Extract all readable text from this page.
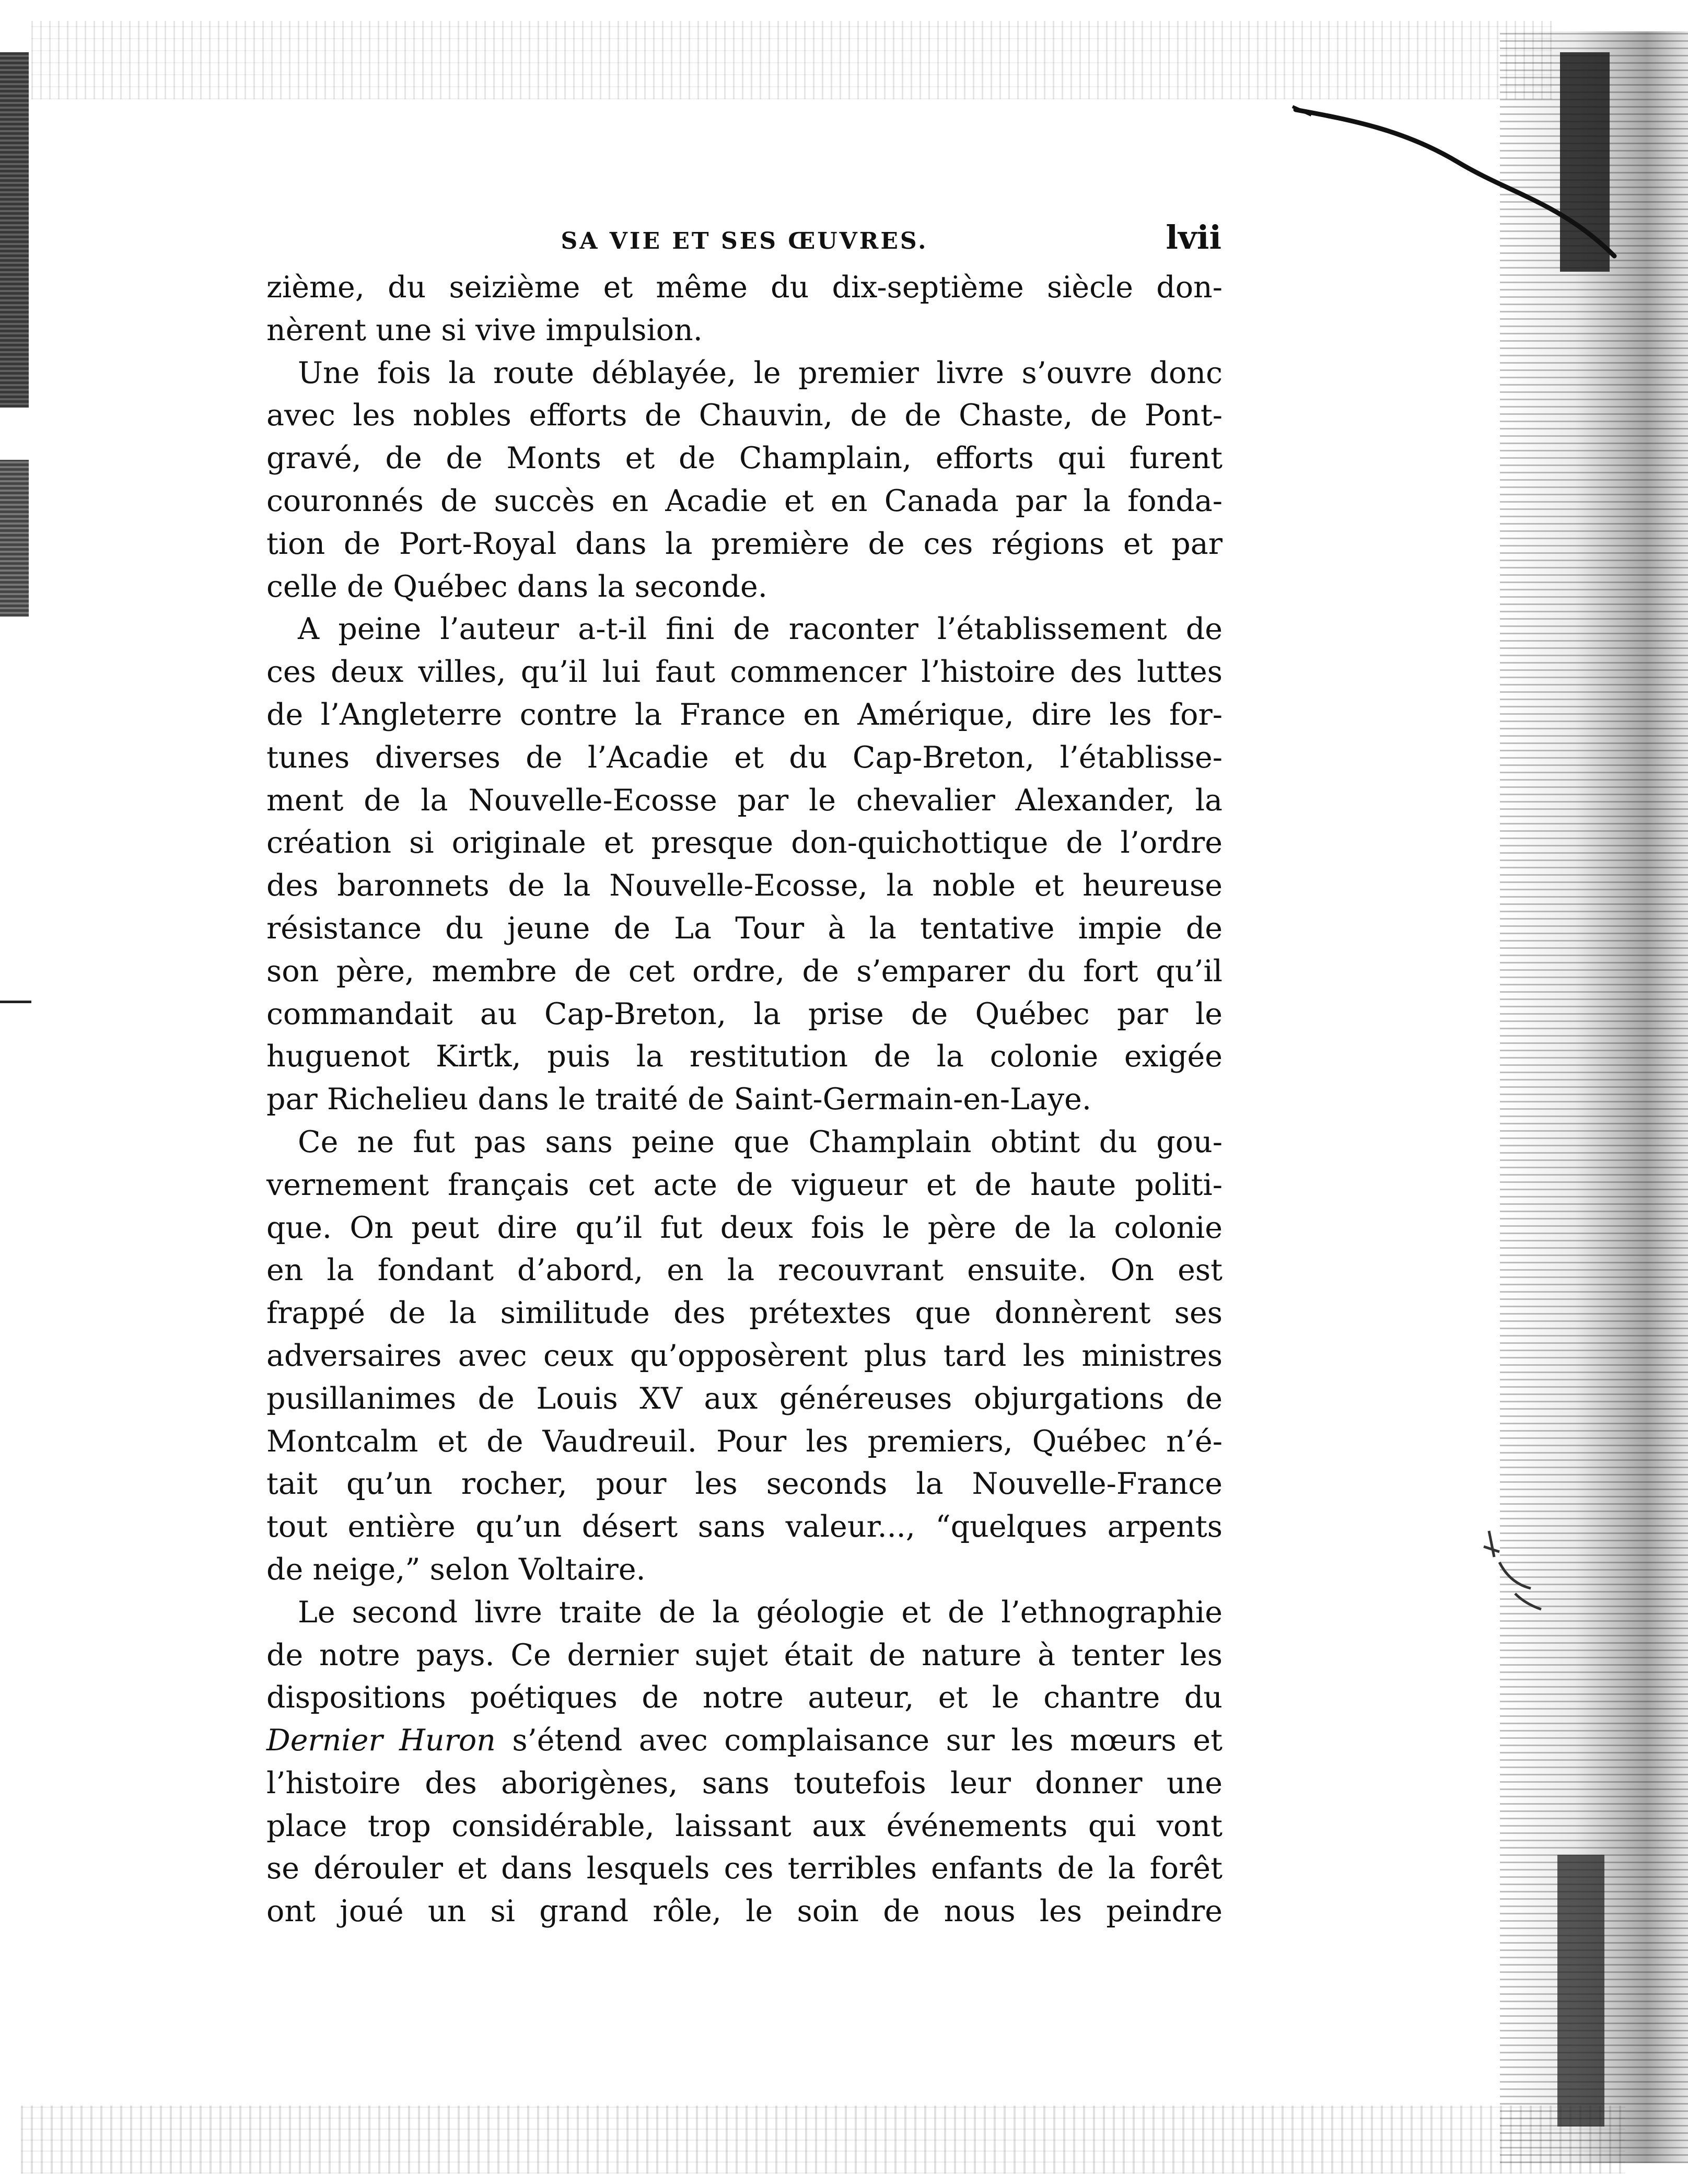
SA VIE ET SES ŒUVRES.	lvii
zième, du seizième et même du dix-septième siècle don-
nèrent une si vive impulsion.
Une fois la route déblayée, le premier livre s’ouvre donc
avec les nobles efforts de Chauvin, de de Chaste, de Pont-
gravé, de de Monts et de Champlain, efforts qui furent
couronnés de succès en Acadie et en Canada par la fonda-
tion de Port-Royal dans la première de ces régions et par
celle de Québec dans la seconde.
A peine l’auteur a-t-il fini de raconter l’établissement de
ces deux villes, qu’il lui faut commencer l’histoire des luttes
de l’Angleterre contre la France en Amérique, dire les for-
tunes diverses de l’Acadie et du Cap-Breton, l’établisse-
ment de la Nouvelle-Ecosse par le chevalier Alexander, la
création si originale et presque don-quichottique de l’ordre
des baronnets de la Nouvelle-Ecosse, la noble et heureuse
résistance du jeune de La Tour à la tentative impie de
son père, membre de cet ordre, de s’emparer du fort qu’il
commandait au Cap-Breton, la prise de Québec par le
huguenot Kirtk, puis la restitution de la colonie exigée
par Richelieu dans le traité de Saint-Germain-en-Laye.
Ce ne fut pas sans peine que Champlain obtint du gou-
vernement français cet acte de vigueur et de haute politi-
que. On peut dire qu’il fut deux fois le père de la colonie
en la fondant d’abord, en la recouvrant ensuite. On est
frappé de la similitude des prétextes que donnèrent ses
adversaires avec ceux qu’opposèrent plus tard les ministres
pusillanimes de Louis XV aux généreuses objurgations de
Montcalm et de Vaudreuil. Pour les premiers, Québec n’é-
tait qu’un rocher, pour les seconds la Nouvelle-France
tout entière qu’un désert sans valeur..., “quelques arpents
de neige,” selon Voltaire.
Le second livre traite de la géologie et de l’ethnographie
de notre pays. Ce dernier sujet était de nature à tenter les
dispositions poétiques de notre auteur, et le chantre du
Dernier Huron s’étend avec complaisance sur les mœurs et
l’histoire des aborigènes, sans toutefois leur donner une
place trop considérable, laissant aux événements qui vont
se dérouler et dans lesquels ces terribles enfants de la forêt
ont joué un si grand rôle, le soin de nous les peindre
